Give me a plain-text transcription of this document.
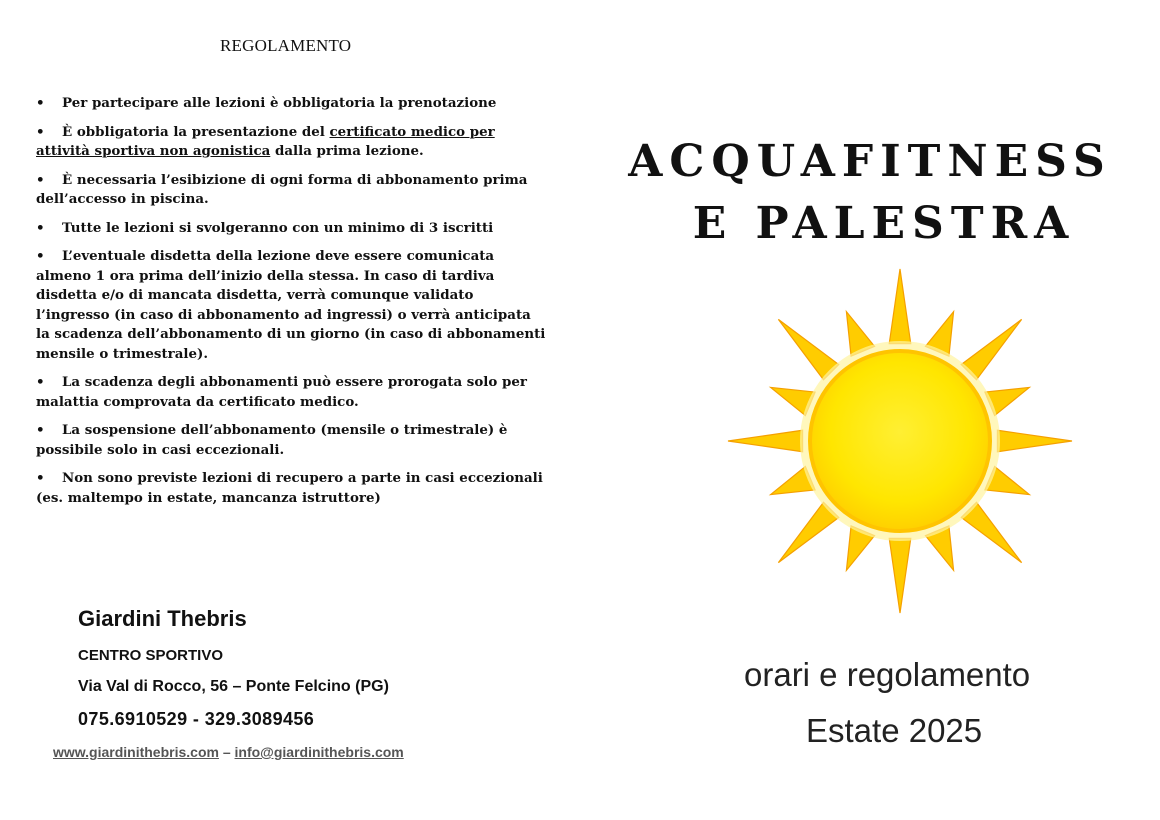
REGOLAMENTO
• Per partecipare alle lezioni è obbligatoria la prenotazione
• È obbligatoria la presentazione del certificato medico per attività sportiva non agonistica dalla prima lezione.
• È necessaria l’esibizione di ogni forma di abbonamento prima dell’accesso in piscina.
• Tutte le lezioni si svolgeranno con un minimo di 3 iscritti
• L’eventuale disdetta della lezione deve essere comunicata almeno 1 ora prima dell’inizio della stessa. In caso di tardiva disdetta e/o di mancata disdetta, verrà comunque validato l’ingresso (in caso di abbonamento ad ingressi) o verrà anticipata la scadenza dell’abbonamento di un giorno (in caso di abbonamenti mensile o trimestrale).
• La scadenza degli abbonamenti può essere prorogata solo per malattia comprovata da certificato medico.
• La sospensione dell’abbonamento (mensile o trimestrale) è possibile solo in casi eccezionali.
• Non sono previste lezioni di recupero a parte in casi eccezionali (es. maltempo in estate, mancanza istruttore)
Giardini Thebris
CENTRO SPORTIVO
Via Val di Rocco, 56 – Ponte Felcino (PG)
075.6910529 - 329.3089456
www.giardinithebris.com – info@giardinithebris.com
ACQUAFITNESS
E PALESTRA
orari e regolamento
Estate 2025
